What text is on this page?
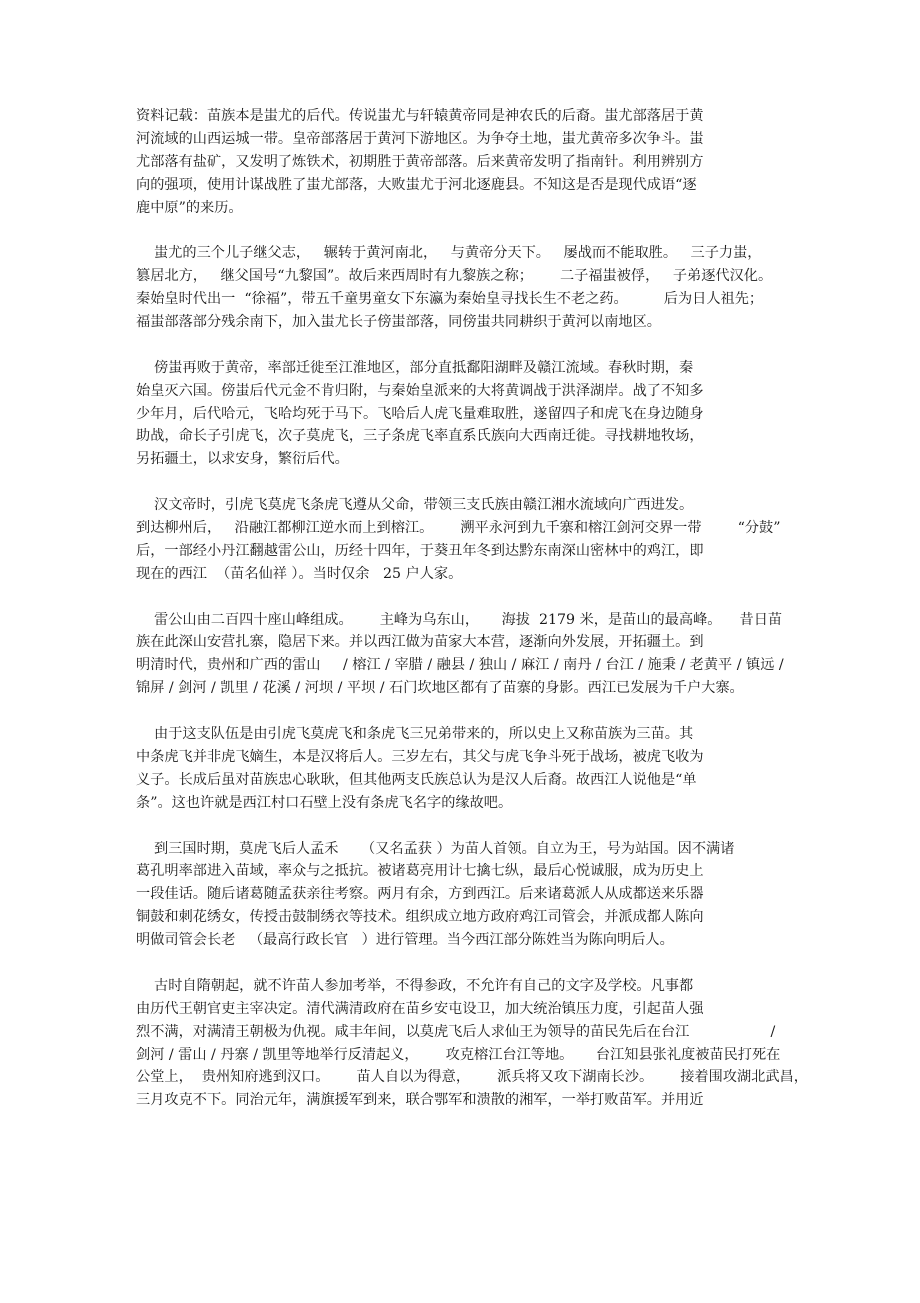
资料记载：苗族本是蚩尤的后代。传说蚩尤与轩辕黄帝同是神农氏的后裔。蚩尤部落居于黄
河流域的山西运城一带。皇帝部落居于黄河下游地区。为争夺土地，蚩尤黄帝多次争斗。蚩
尤部落有盐矿，又发明了炼铁术，初期胜于黄帝部落。后来黄帝发明了指南针。利用辨别方
向的强项，使用计谋战胜了蚩尤部落，大败蚩尤于河北逐鹿县。不知这是否是现代成语“逐
鹿中原”的来历。
蚩尤的三个儿子继父志，   辗转于黄河南北，   与黄帝分天下。   屡战而不能取胜。   三子力蚩，
篡居北方，   继父国号“九黎国”。故后来西周时有九黎族之称；      二子福蚩被俘，   子弟逐代汉化。
秦始皇时代出一  “徐福”，带五千童男童女下东瀛为秦始皇寻找长生不老之药。        后为日人祖先；
福蚩部落部分残余南下，加入蚩尤长子傍蚩部落，同傍蚩共同耕织于黄河以南地区。
傍蚩再败于黄帝，率部迁徙至江淮地区，部分直抵鄱阳湖畔及赣江流域。春秋时期，秦
始皇灭六国。傍蚩后代元金不肯归附，与秦始皇派来的大将黄调战于洪泽湖岸。战了不知多
少年月，后代哈元，飞哈均死于马下。飞哈后人虎飞量难取胜，遂留四子和虎飞在身边随身
助战，命长子引虎飞，次子莫虎飞，三子条虎飞率直系氏族向大西南迁徙。寻找耕地牧场，
另拓疆土，以求安身，繁衍后代。
汉文帝时，引虎飞莫虎飞条虎飞遵从父命，带领三支氏族由赣江湘水流域向广西进发。
到达柳州后，   沿融江都柳江逆水而上到榕江。      溯平永河到九千寨和榕江剑河交界一带        “分鼓”
后，一部经小丹江翻越雷公山，历经十四年，于葵丑年冬到达黔东南深山密林中的鸡江，即
现在的西江  （苗名仙祥 ）。当时仅余   25 户人家。
雷公山由二百四十座山峰组成。      主峰为乌东山，     海拔  2179 米，是苗山的最高峰。    昔日苗
族在此深山安营扎寨，隐居下来。并以西江做为苗家大本营，逐渐向外发展，开拓疆土。到
明清时代，贵州和广西的雷山     / 榕江 / 宰腊 / 融县 / 独山 / 麻江 / 南丹 / 台江 / 施秉 / 老黄平 / 镇远 /
锦屏 / 剑河 / 凯里 / 花溪 / 河坝 / 平坝 / 石门坎地区都有了苗寨的身影。西江已发展为千户大寨。
由于这支队伍是由引虎飞莫虎飞和条虎飞三兄弟带来的，所以史上又称苗族为三苗。其
中条虎飞并非虎飞嫡生，本是汉将后人。三岁左右，其父与虎飞争斗死于战场，被虎飞收为
义子。长成后虽对苗族忠心耿耿，但其他两支氏族总认为是汉人后裔。故西江人说他是“单
条”。这也许就是西江村口石壁上没有条虎飞名字的缘故吧。
到三国时期，莫虎飞后人孟禾     （又名孟获 ）为苗人首领。自立为王，号为站国。因不满诸
葛孔明率部进入苗域，率众与之抵抗。被诸葛亮用计七擒七纵，最后心悦诚服，成为历史上
一段佳话。随后诸葛随孟获亲往考察。两月有余，方到西江。后来诸葛派人从成都送来乐器
铜鼓和刺花绣女，传授击鼓制绣衣等技术。组织成立地方政府鸡江司管会，并派成都人陈向
明做司管会长老   （最高行政长官   ）进行管理。当今西江部分陈姓当为陈向明后人。
古时自隋朝起，就不许苗人参加考举，不得参政，不允许有自己的文字及学校。凡事都
由历代王朝官吏主宰决定。清代满清政府在苗乡安屯设卫，加大统治镇压力度，引起苗人强
烈不满，对满清王朝极为仇视。咸丰年间，以莫虎飞后人求仙王为领导的苗民先后在台江                  /
剑河 / 雷山 / 丹寨 / 凯里等地举行反清起义，      攻克榕江台江等地。     台江知县张礼度被苗民打死在
公堂上，  贵州知府逃到汉口。      苗人自以为得意，      派兵将又攻下湖南长沙。      接着围攻湖北武昌，
三月攻克不下。同治元年，满旗援军到来，联合鄂军和溃散的湘军，一举打败苗军。并用近
